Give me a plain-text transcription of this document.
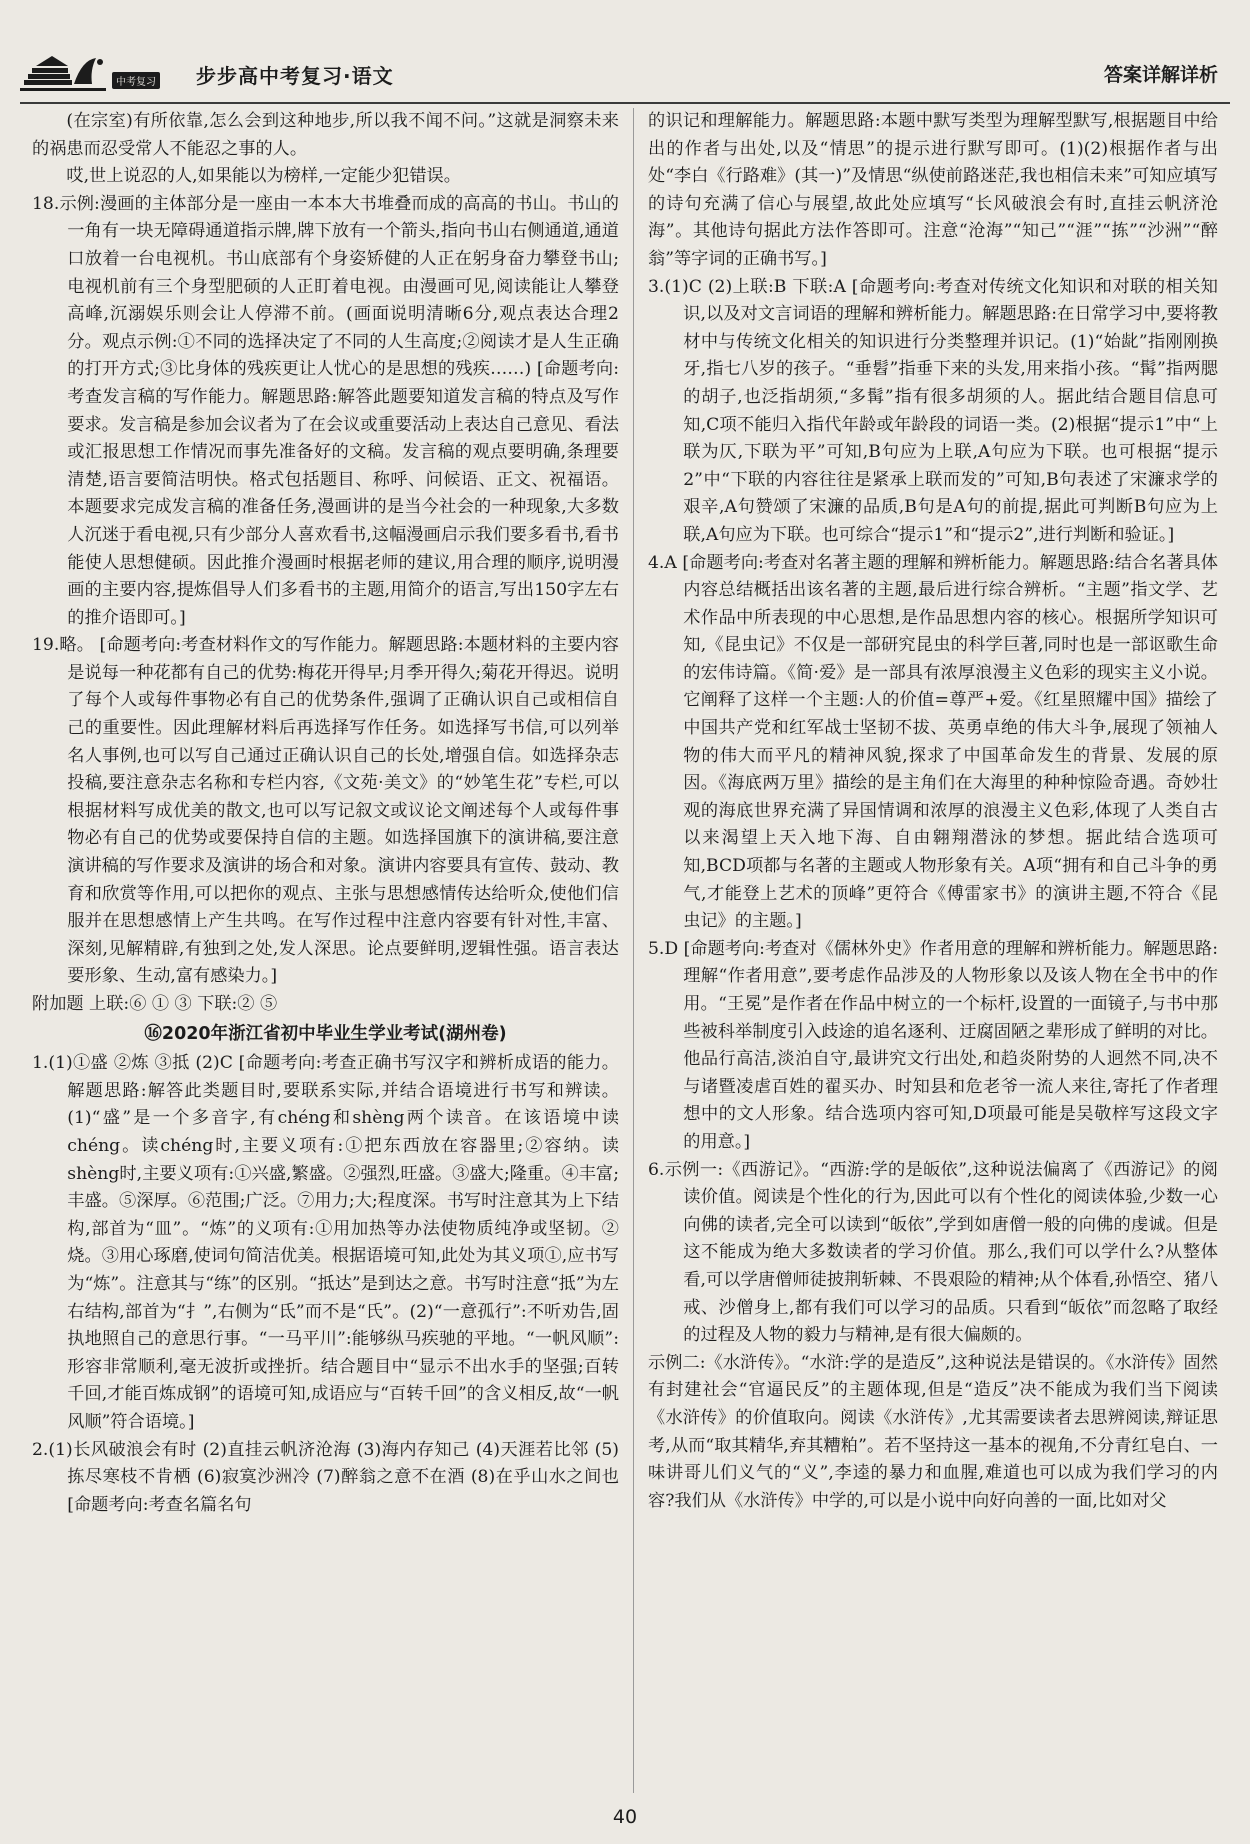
中考复习 步步高中考复习·语文	答案详解详析

(在宗室)有所依靠,怎么会到这种地步,所以我不闻不问。”这就是洞察未来的祸患而忍受常人不能忍之事的人。

哎,世上说忍的人,如果能以为榜样,一定能少犯错误。

18.示例:漫画的主体部分是一座由一本本大书堆叠而成的高高的书山。书山的一角有一块无障碍通道指示牌,牌下放有一个箭头,指向书山右侧通道,通道口放着一台电视机。书山底部有个身姿矫健的人正在躬身奋力攀登书山;电视机前有三个身型肥硕的人正盯着电视。由漫画可见,阅读能让人攀登高峰,沉溺娱乐则会让人停滞不前。(画面说明清晰6分,观点表达合理2分。观点示例:①不同的选择决定了不同的人生高度;②阅读才是人生正确的打开方式;③比身体的残疾更让人忧心的是思想的残疾……) [命题考向:考查发言稿的写作能力。解题思路:解答此题要知道发言稿的特点及写作要求。发言稿是参加会议者为了在会议或重要活动上表达自己意见、看法或汇报思想工作情况而事先准备好的文稿。发言稿的观点要明确,条理要清楚,语言要简洁明快。格式包括题目、称呼、问候语、正文、祝福语。本题要求完成发言稿的准备任务,漫画讲的是当今社会的一种现象,大多数人沉迷于看电视,只有少部分人喜欢看书,这幅漫画启示我们要多看书,看书能使人思想健硕。因此推介漫画时根据老师的建议,用合理的顺序,说明漫画的主要内容,提炼倡导人们多看书的主题,用简介的语言,写出150字左右的推介语即可。]

19.略。 [命题考向:考查材料作文的写作能力。解题思路:本题材料的主要内容是说每一种花都有自己的优势:梅花开得早;月季开得久;菊花开得迟。说明了每个人或每件事物必有自己的优势条件,强调了正确认识自己或相信自己的重要性。因此理解材料后再选择写作任务。如选择写书信,可以列举名人事例,也可以写自己通过正确认识自己的长处,增强自信。如选择杂志投稿,要注意杂志名称和专栏内容,《文苑·美文》的“妙笔生花”专栏,可以根据材料写成优美的散文,也可以写记叙文或议论文阐述每个人或每件事物必有自己的优势或要保持自信的主题。如选择国旗下的演讲稿,要注意演讲稿的写作要求及演讲的场合和对象。演讲内容要具有宣传、鼓动、教育和欣赏等作用,可以把你的观点、主张与思想感情传达给听众,使他们信服并在思想感情上产生共鸣。在写作过程中注意内容要有针对性,丰富、深刻,见解精辟,有独到之处,发人深思。论点要鲜明,逻辑性强。语言表达要形象、生动,富有感染力。]

附加题 上联:⑥ ① ③ 下联:② ⑤

⑯2020年浙江省初中毕业生学业考试(湖州卷)

1.(1)①盛 ②炼 ③抵 (2)C [命题考向:考查正确书写汉字和辨析成语的能力。解题思路:解答此类题目时,要联系实际,并结合语境进行书写和辨读。(1)“盛”是一个多音字,有chéng和shèng两个读音。在该语境中读chéng。读chéng时,主要义项有:①把东西放在容器里;②容纳。读shèng时,主要义项有:①兴盛,繁盛。②强烈,旺盛。③盛大;隆重。④丰富;丰盛。⑤深厚。⑥范围;广泛。⑦用力;大;程度深。书写时注意其为上下结构,部首为“皿”。“炼”的义项有:①用加热等办法使物质纯净或坚韧。②烧。③用心琢磨,使词句简洁优美。根据语境可知,此处为其义项①,应书写为“炼”。注意其与“练”的区别。“抵达”是到达之意。书写时注意“抵”为左右结构,部首为“扌”,右侧为“氐”而不是“氏”。(2)“一意孤行”:不听劝告,固执地照自己的意思行事。“一马平川”:能够纵马疾驰的平地。“一帆风顺”:形容非常顺利,毫无波折或挫折。结合题目中“显示不出水手的坚强;百转千回,才能百炼成钢”的语境可知,成语应与“百转千回”的含义相反,故“一帆风顺”符合语境。]

2.(1)长风破浪会有时 (2)直挂云帆济沧海 (3)海内存知己 (4)天涯若比邻 (5)拣尽寒枝不肯栖 (6)寂寞沙洲冷 (7)醉翁之意不在酒 (8)在乎山水之间也 [命题考向:考查名篇名句

的识记和理解能力。解题思路:本题中默写类型为理解型默写,根据题目中给出的作者与出处,以及“情思”的提示进行默写即可。(1)(2)根据作者与出处“李白《行路难》(其一)”及情思“纵使前路迷茫,我也相信未来”可知应填写的诗句充满了信心与展望,故此处应填写“长风破浪会有时,直挂云帆济沧海”。其他诗句据此方法作答即可。注意“沧海”“知己”“涯”“拣”“沙洲”“醉翁”等字词的正确书写。]

3.(1)C (2)上联:B 下联:A [命题考向:考查对传统文化知识和对联的相关知识,以及对文言词语的理解和辨析能力。解题思路:在日常学习中,要将教材中与传统文化相关的知识进行分类整理并识记。(1)“始龀”指刚刚换牙,指七八岁的孩子。“垂髫”指垂下来的头发,用来指小孩。“髯”指两腮的胡子,也泛指胡须,“多髯”指有很多胡须的人。据此结合题目信息可知,C项不能归入指代年龄或年龄段的词语一类。(2)根据“提示1”中“上联为仄,下联为平”可知,B句应为上联,A句应为下联。也可根据“提示2”中“下联的内容往往是紧承上联而发的”可知,B句表述了宋濂求学的艰辛,A句赞颂了宋濂的品质,B句是A句的前提,据此可判断B句应为上联,A句应为下联。也可综合“提示1”和“提示2”,进行判断和验证。]

4.A [命题考向:考查对名著主题的理解和辨析能力。解题思路:结合名著具体内容总结概括出该名著的主题,最后进行综合辨析。“主题”指文学、艺术作品中所表现的中心思想,是作品思想内容的核心。根据所学知识可知,《昆虫记》不仅是一部研究昆虫的科学巨著,同时也是一部讴歌生命的宏伟诗篇。《简·爱》是一部具有浓厚浪漫主义色彩的现实主义小说。它阐释了这样一个主题:人的价值=尊严+爱。《红星照耀中国》描绘了中国共产党和红军战士坚韧不拔、英勇卓绝的伟大斗争,展现了领袖人物的伟大而平凡的精神风貌,探求了中国革命发生的背景、发展的原因。《海底两万里》描绘的是主角们在大海里的种种惊险奇遇。奇妙壮观的海底世界充满了异国情调和浓厚的浪漫主义色彩,体现了人类自古以来渴望上天入地下海、自由翱翔潜泳的梦想。据此结合选项可知,BCD项都与名著的主题或人物形象有关。A项“拥有和自己斗争的勇气,才能登上艺术的顶峰”更符合《傅雷家书》的演讲主题,不符合《昆虫记》的主题。]

5.D [命题考向:考查对《儒林外史》作者用意的理解和辨析能力。解题思路:理解“作者用意”,要考虑作品涉及的人物形象以及该人物在全书中的作用。“王冕”是作者在作品中树立的一个标杆,设置的一面镜子,与书中那些被科举制度引入歧途的追名逐利、迂腐固陋之辈形成了鲜明的对比。他品行高洁,淡泊自守,最讲究文行出处,和趋炎附势的人迥然不同,决不与诸暨凌虐百姓的翟买办、时知县和危老爷一流人来往,寄托了作者理想中的文人形象。结合选项内容可知,D项最可能是吴敬梓写这段文字的用意。]

6.示例一:《西游记》。“西游:学的是皈依”,这种说法偏离了《西游记》的阅读价值。阅读是个性化的行为,因此可以有个性化的阅读体验,少数一心向佛的读者,完全可以读到“皈依”,学到如唐僧一般的向佛的虔诚。但是这不能成为绝大多数读者的学习价值。那么,我们可以学什么?从整体看,可以学唐僧师徒披荆斩棘、不畏艰险的精神;从个体看,孙悟空、猪八戒、沙僧身上,都有我们可以学习的品质。只看到“皈依”而忽略了取经的过程及人物的毅力与精神,是有很大偏颇的。

示例二:《水浒传》。“水浒:学的是造反”,这种说法是错误的。《水浒传》固然有封建社会“官逼民反”的主题体现,但是“造反”决不能成为我们当下阅读《水浒传》的价值取向。阅读《水浒传》,尤其需要读者去思辨阅读,辩证思考,从而“取其精华,弃其糟粕”。若不坚持这一基本的视角,不分青红皂白、一味讲哥儿们义气的“义”,李逵的暴力和血腥,难道也可以成为我们学习的内容?我们从《水浒传》中学的,可以是小说中向好向善的一面,比如对父

40
